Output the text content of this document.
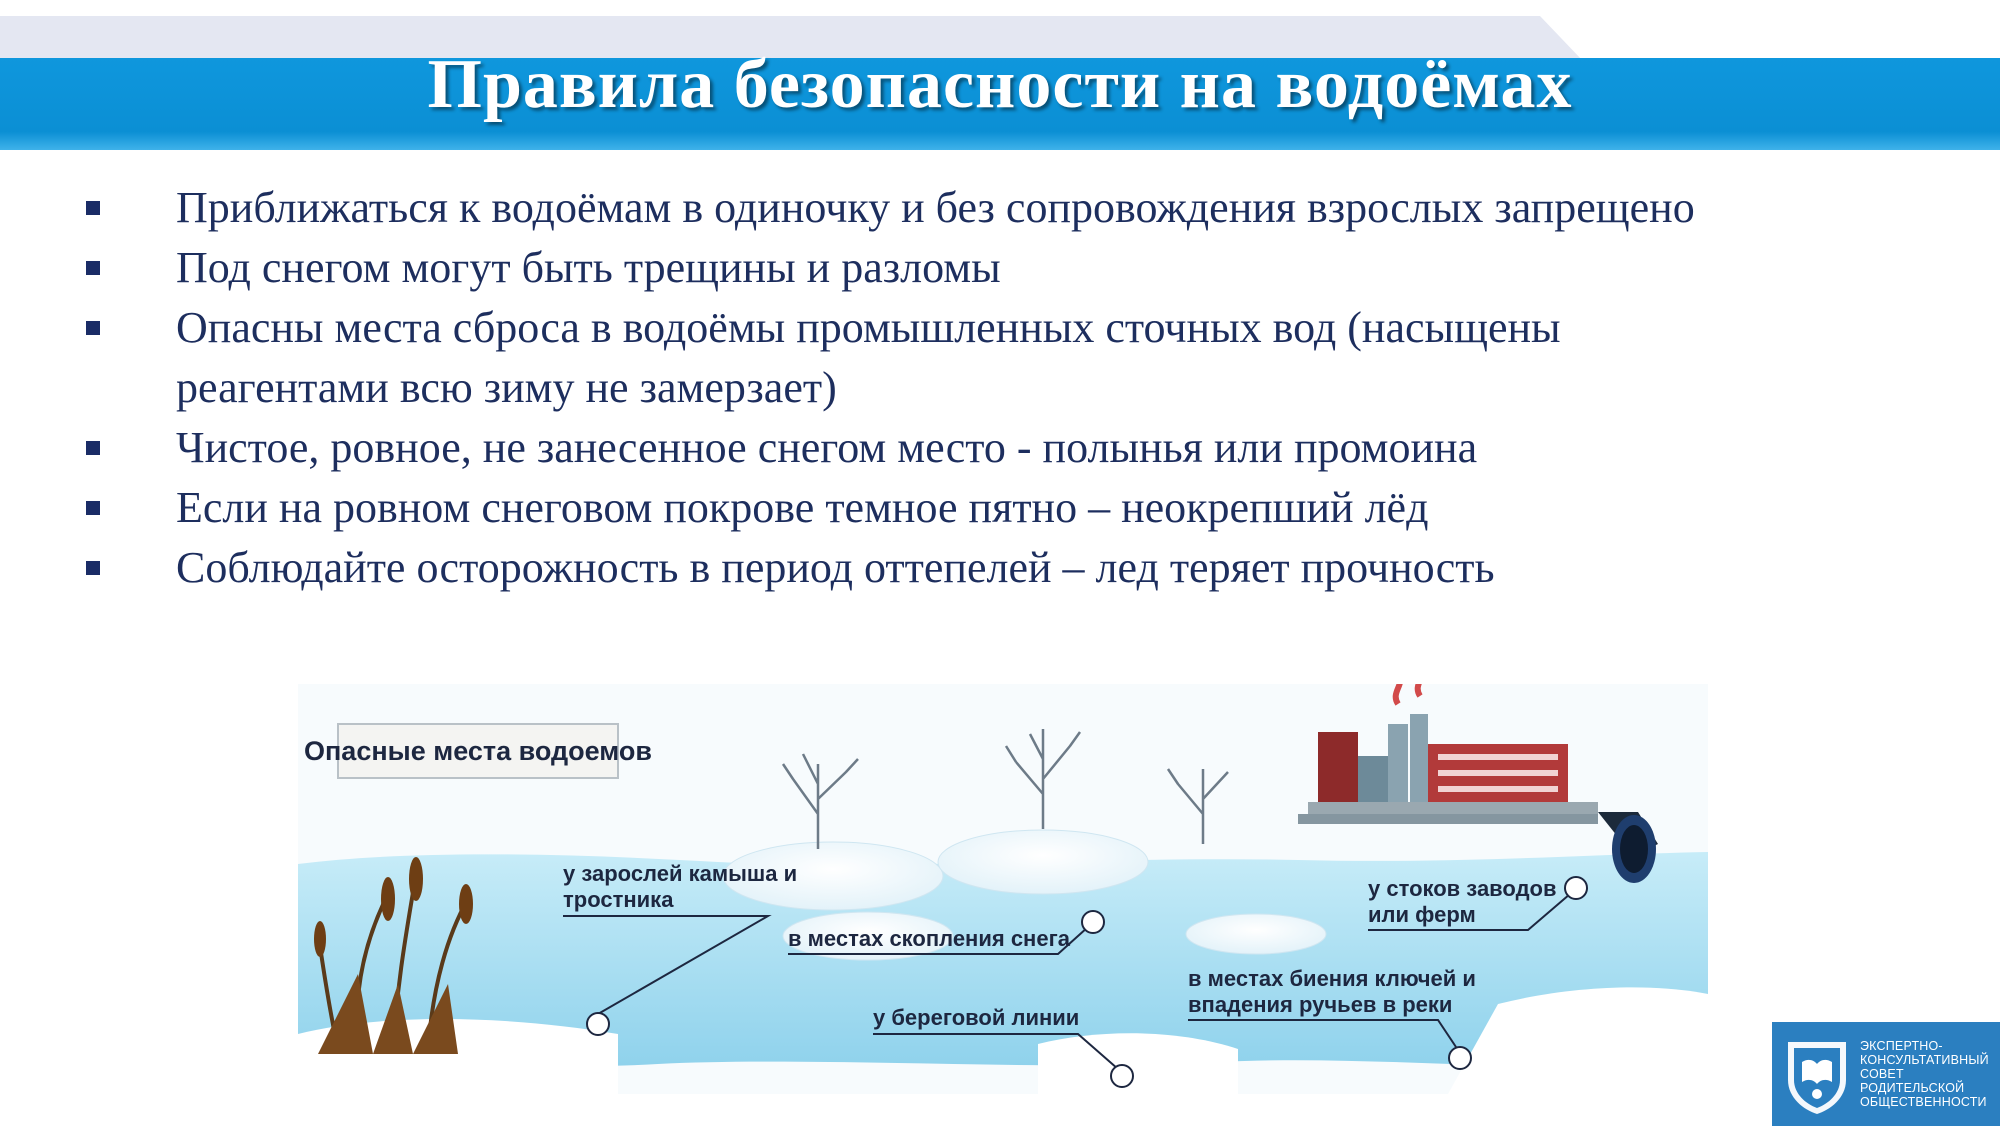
Правила безопасности на водоёмах
Приближаться к водоёмам в одиночку и без сопровождения взрослых запрещено
Под снегом могут быть трещины и разломы
Опасны места сброса в водоёмы промышленных сточных вод (насыщены реагентами всю зиму не замерзает)
Чистое, ровное, не занесенное снегом место - полынья или промоина
Если на ровном снеговом покрове темное пятно – неокрепший лёд
Соблюдайте осторожность в период оттепелей – лед теряет прочность
Опасные места водоемов
у зарослей камыша и
тростника
в местах скопления снега
у береговой линии
у стоков заводов
или ферм
в местах биения ключей и
впадения ручьев в реки
ЭКСПЕРТНО-
КОНСУЛЬТАТИВНЫЙ
СОВЕТ
РОДИТЕЛЬСКОЙ
ОБЩЕСТВЕННОСТИ
